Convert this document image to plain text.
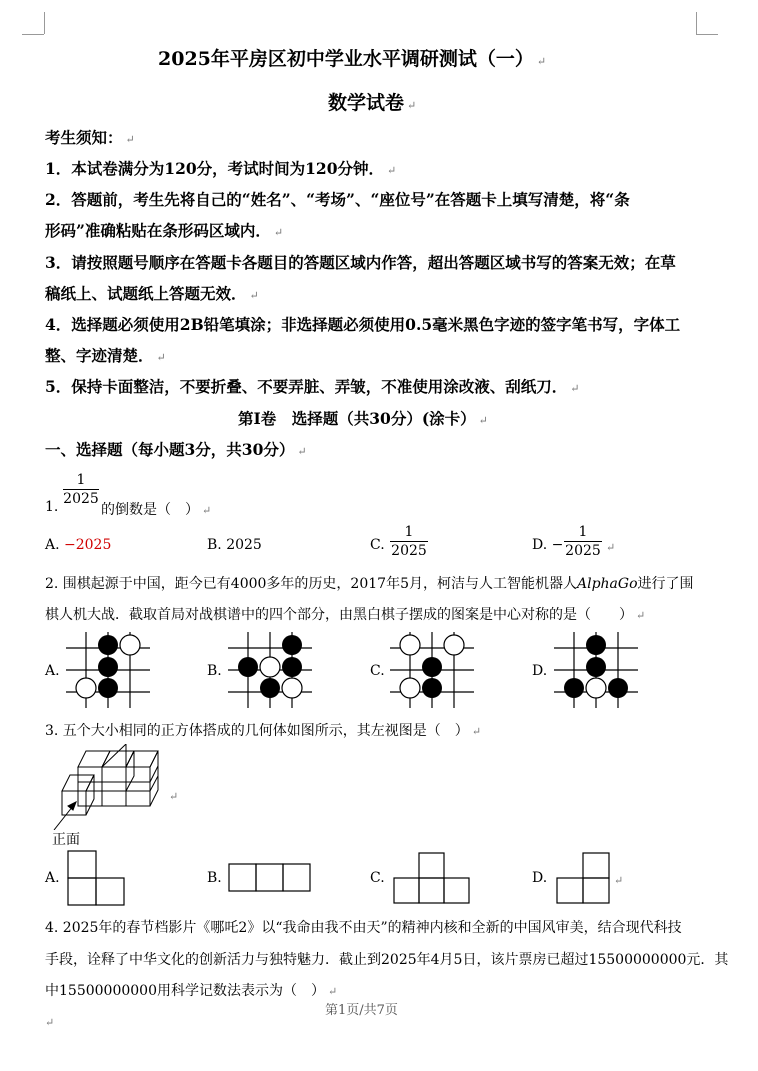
2025年平房区初中学业水平调研测试（一） ↵
数学试卷 ↵
考生须知： ↵
1．本试卷满分为120分，考试时间为120分钟． ↵
2．答题前，考生先将自己的“姓名”、“考场”、“座位号”在答题卡上填写清楚，将“条
形码”准确粘贴在条形码区域内． ↵
3．请按照题号顺序在答题卡各题目的答题区域内作答，超出答题区域书写的答案无效；在草
稿纸上、试题纸上答题无效． ↵
4．选择题必须使用2B铅笔填涂；非选择题必须使用0.5毫米黑色字迹的签字笔书写，字体工
整、字迹清楚． ↵
5．保持卡面整洁，不要折叠、不要弄脏、弄皱，不准使用涂改液、刮纸刀． ↵
第Ⅰ卷　选择题（共30分）(涂卡） ↵
一、选择题（每小题3分，共30分） ↵
1.
1
2025
的倒数是（　） ↵
A. −2025	B. 2025	C.
1
2025	D. −
1
2025 ↵
2. 围棋起源于中国，距今已有4000多年的历史，2017年5月，柯洁与人工智能机器人AlphaGo进行了围
棋人机大战．截取首局对战棋谱中的四个部分，由黑白棋子摆成的图案是中心对称的是（　　） ↵
A.	B.	C.	D.
3. 五个大小相同的正方体搭成的几何体如图所示，其左视图是（　） ↵
↵
正面
A.	B.	C.	D.	↵
4. 2025年的春节档影片《哪吒2》以“我命由我不由天”的精神内核和全新的中国风审美，结合现代科技
手段，诠释了中华文化的创新活力与独特魅力．截止到2025年4月5日，该片票房已超过15500000000元．其
中15500000000用科学记数法表示为（　） ↵
第1页/共7页
↵
